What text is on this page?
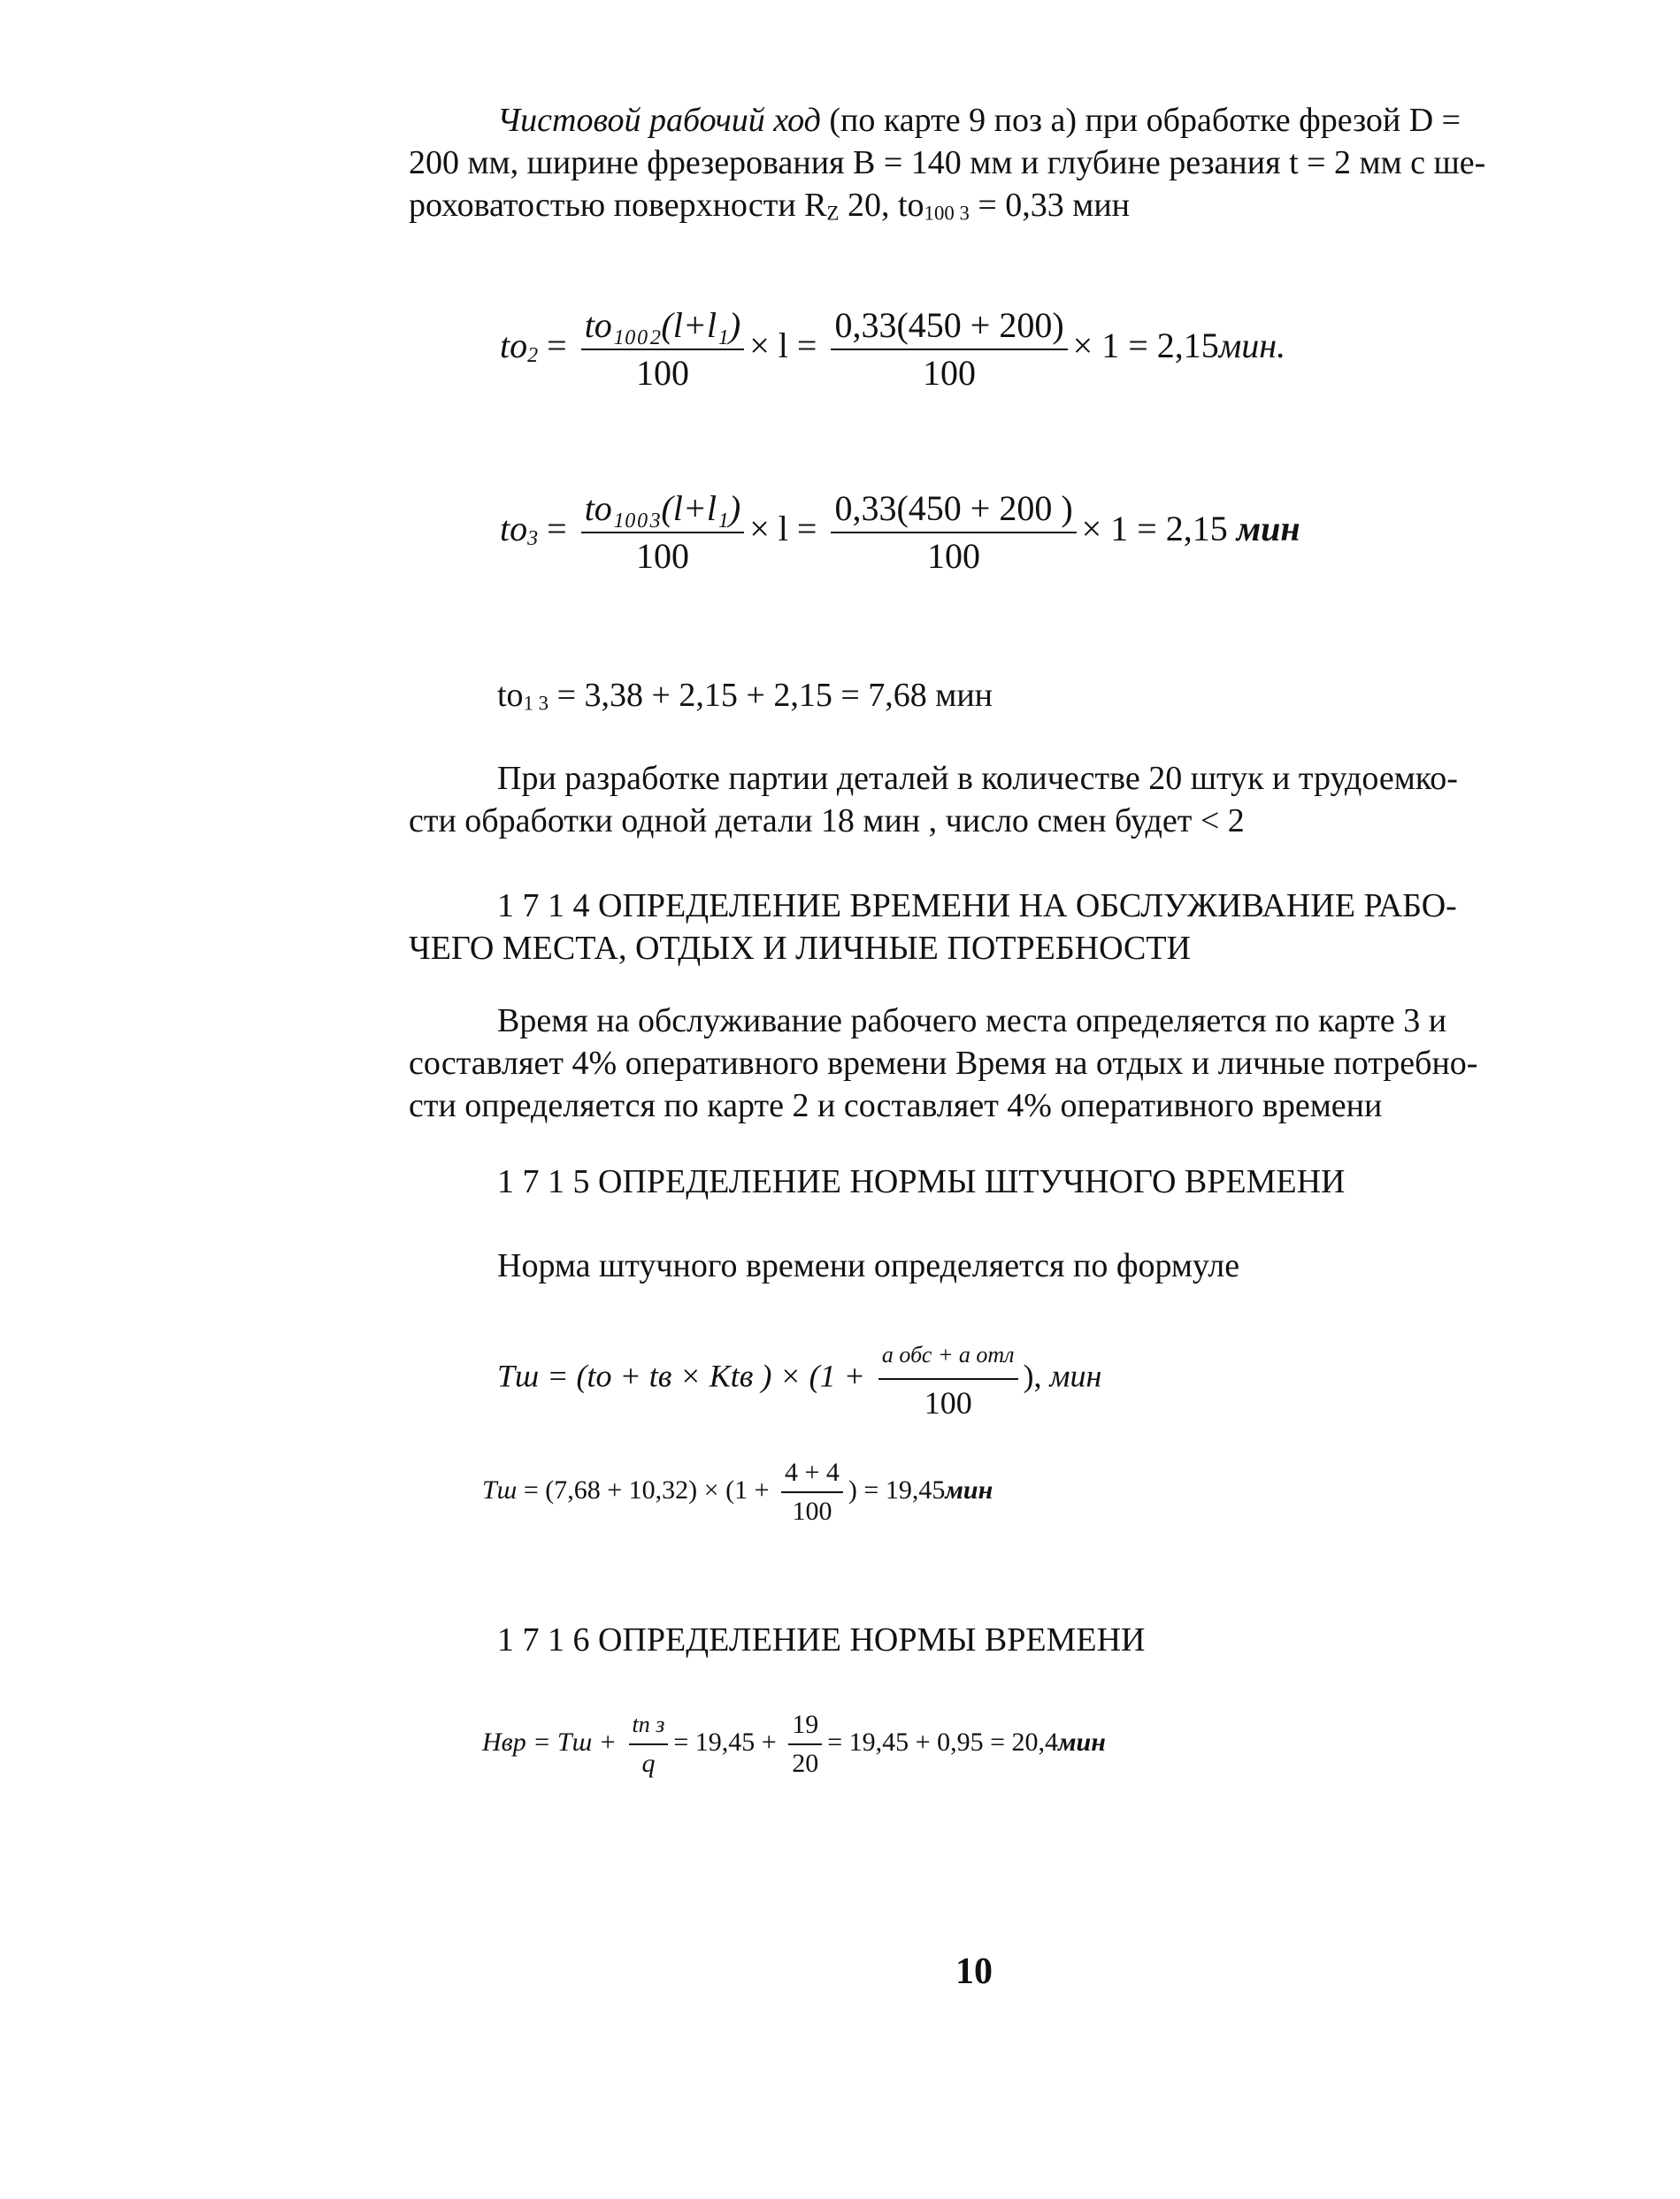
Чистовой рабочий ход (по карте 9 поз а) при обработке фрезой D =

200 мм, ширине фрезерования В = 140 мм и глубине резания t = 2 мм с ше-

роховатостью поверхности RZ 20, to100 3 = 0,33 мин

$to2 = \frac{\text{to₁₀₀₂(l+l₁)}}{100} \times l = \frac{0,33(450 + 200)}{100} \times 1 = 2,15мин$.
$to3 = \frac{\text{to₁₀₀₃(l+l₁)}}{100} \times l = \frac{0,33(450 + 200 )}{100} \times 1 = 2,15$ мин
to1 3 = 3,38 + 2,15 + 2,15 = 7,68 мин

При разработке партии деталей в количестве 20 штук и трудоемко-

сти обработки одной детали 18 мин , число смен будет < 2

1 7 1 4 ОПРЕДЕЛЕНИЕ ВРЕМЕНИ НА ОБСЛУЖИВАНИЕ РАБО-

ЧЕГО МЕСТА, ОТДЫХ И ЛИЧНЫЕ ПОТРЕБНОСТИ

Время на обслуживание рабочего места определяется по карте 3 и

составляет 4% оперативного времени Время на отдых и личные потребно-

сти определяется по карте 2 и составляет 4% оперативного времени

1 7 1 5 ОПРЕДЕЛЕНИЕ НОРМЫ ШТУЧНОГО ВРЕМЕНИ
Норма штучного времени определяется по формуле
Tш = (to + tв × Ktв ) × ($1 + \frac{\text{a обс + a отл}}{100}$ ), мин
Tш = $(7,68 + 10,32) \times (1 + \frac{4 + 4}{100}$ ) = 19,45мин
1 7 1 6 ОПРЕДЕЛЕНИЕ НОРМЫ ВРЕМЕНИ
Hвр = Tш + $\frac{\text{tп з}}{q} = 19,45 + \frac{19}{20} = 19,45 + 0,95 = 20,4мин$
10
